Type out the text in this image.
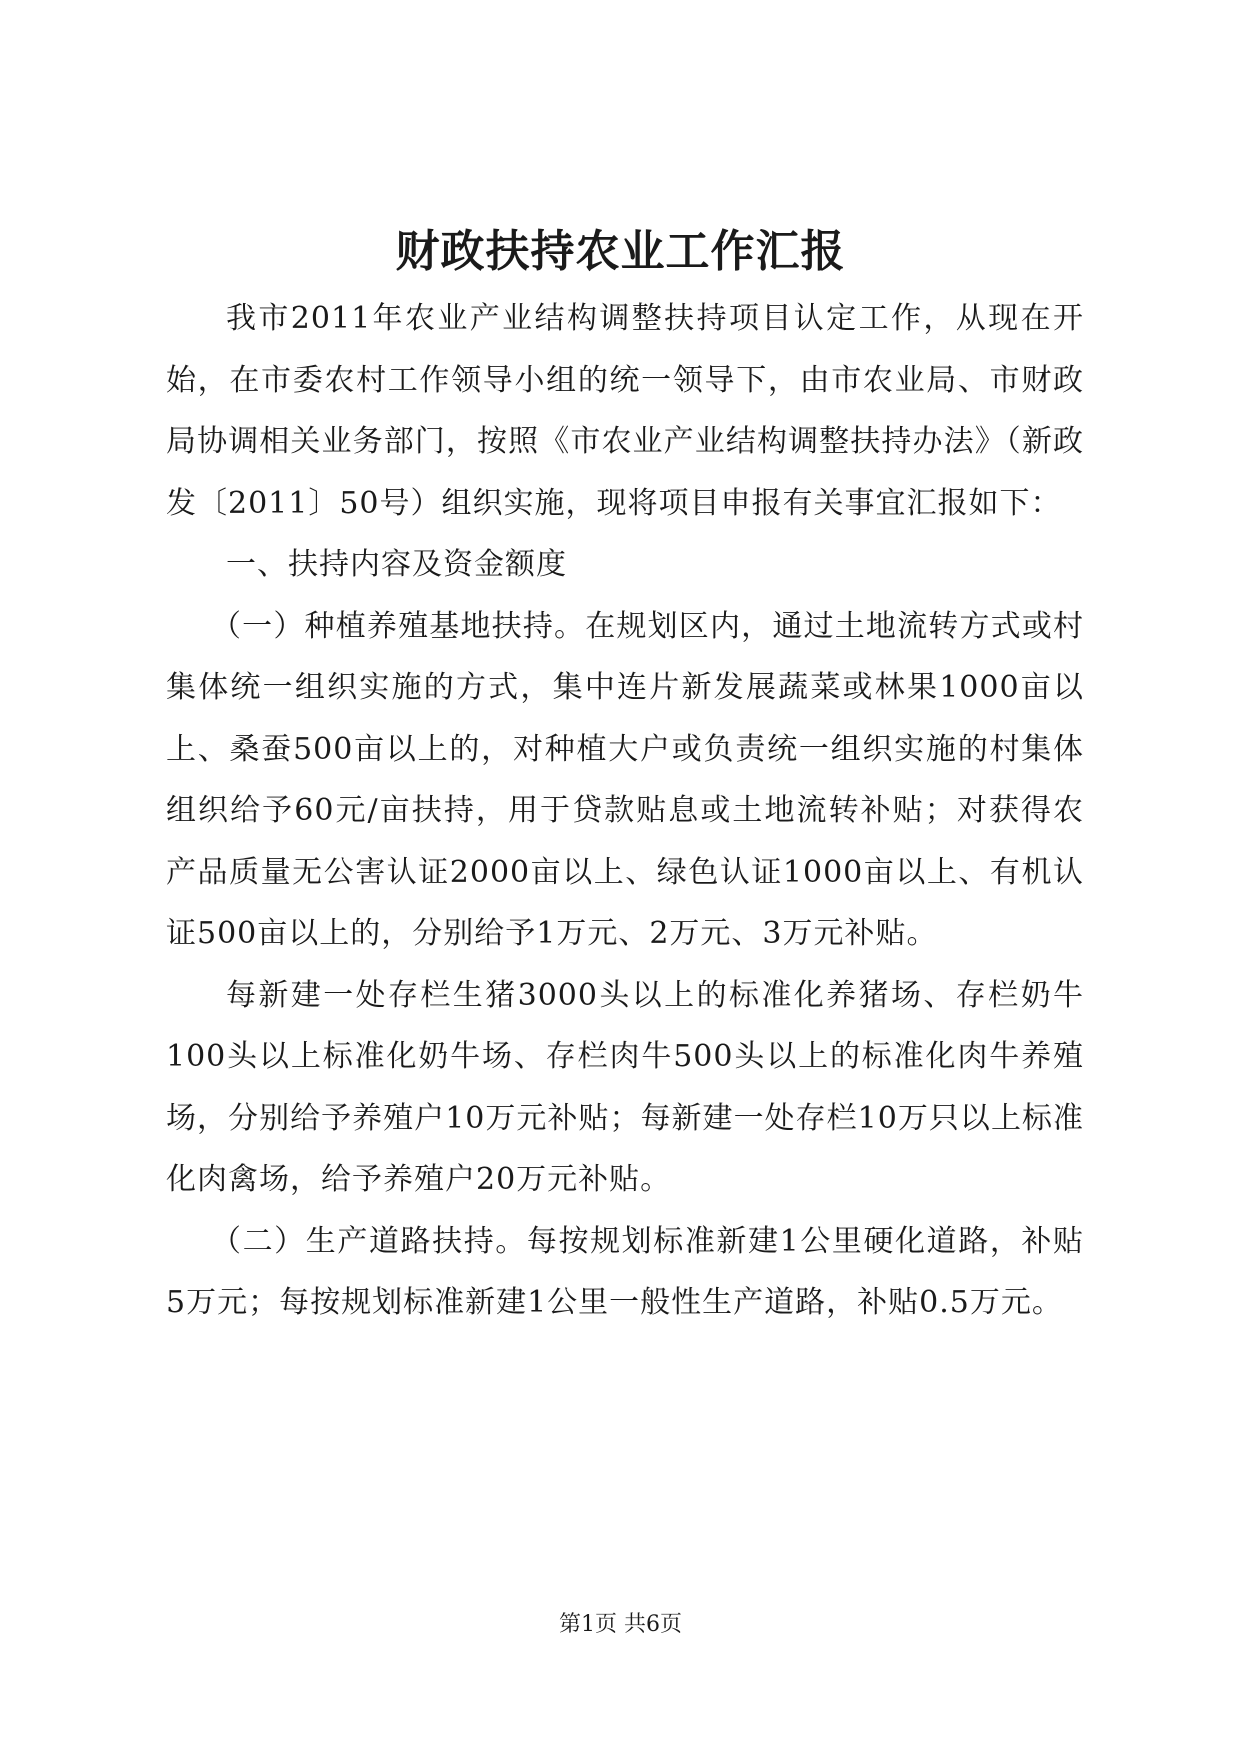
财政扶持农业工作汇报

我市2011年农业产业结构调整扶持项目认定工作，从现在开始，在市委农村工作领导小组的统一领导下，由市农业局、市财政局协调相关业务部门，按照《市农业产业结构调整扶持办法》（新政发〔2011〕50号）组织实施，现将项目申报有关事宜汇报如下：

一、扶持内容及资金额度

（一）种植养殖基地扶持。在规划区内，通过土地流转方式或村集体统一组织实施的方式，集中连片新发展蔬菜或林果1000亩以上、桑蚕500亩以上的，对种植大户或负责统一组织实施的村集体组织给予60元/亩扶持，用于贷款贴息或土地流转补贴；对获得农产品质量无公害认证2000亩以上、绿色认证1000亩以上、有机认证500亩以上的，分别给予1万元、2万元、3万元补贴。

每新建一处存栏生猪3000头以上的标准化养猪场、存栏奶牛100头以上标准化奶牛场、存栏肉牛500头以上的标准化肉牛养殖场，分别给予养殖户10万元补贴；每新建一处存栏10万只以上标准化肉禽场，给予养殖户20万元补贴。

（二）生产道路扶持。每按规划标准新建1公里硬化道路，补贴5万元；每按规划标准新建1公里一般性生产道路，补贴0.5万元。

第1页 共6页
